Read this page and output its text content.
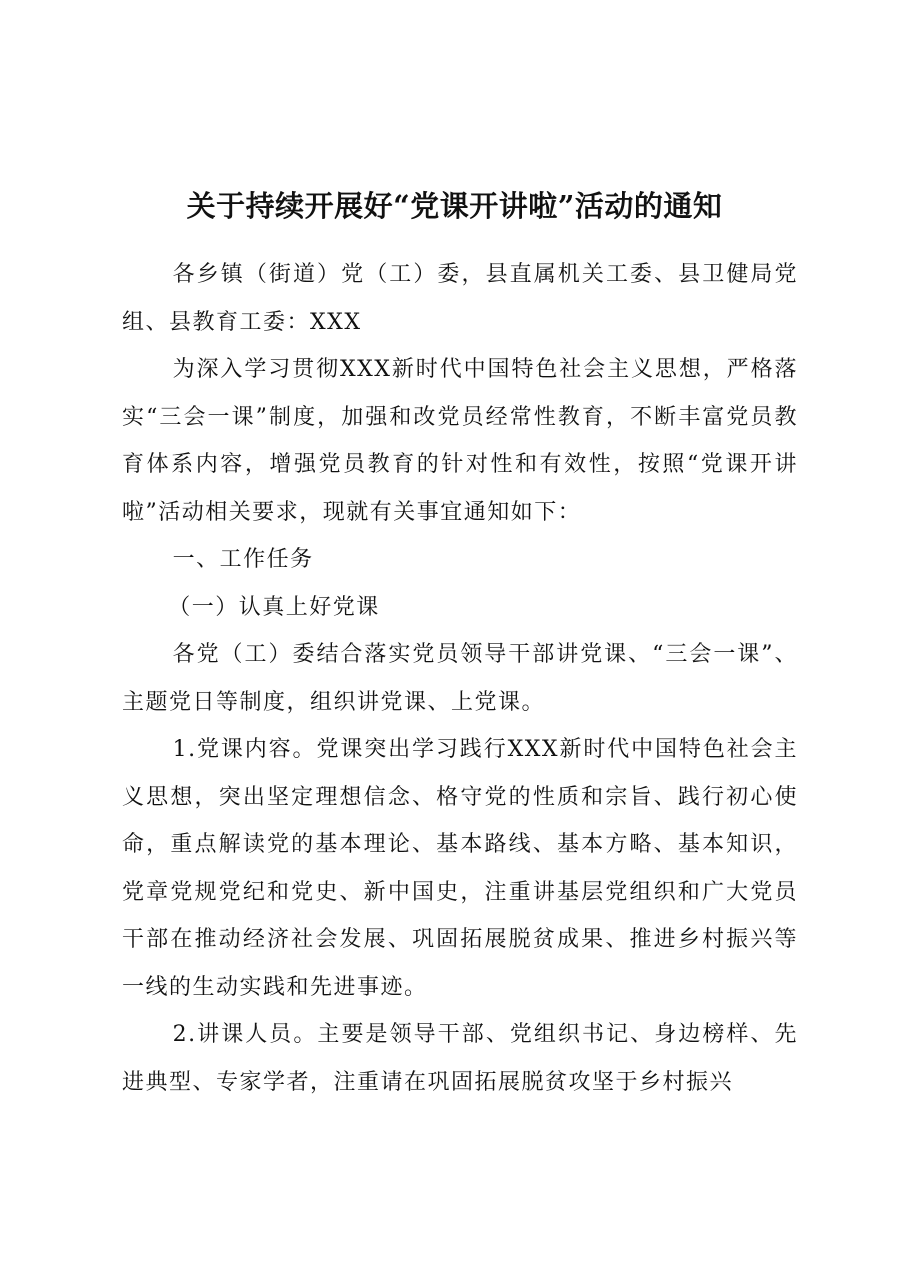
关于持续开展好“党课开讲啦”活动的通知

各乡镇（街道）党（工）委，县直属机关工委、县卫健局党组、县教育工委：XXX

为深入学习贯彻XXX新时代中国特色社会主义思想，严格落实“三会一课”制度，加强和改党员经常性教育，不断丰富党员教育体系内容，增强党员教育的针对性和有效性，按照“党课开讲啦”活动相关要求，现就有关事宜通知如下：

一、工作任务

（一）认真上好党课

各党（工）委结合落实党员领导干部讲党课、“三会一课”、主题党日等制度，组织讲党课、上党课。

1.党课内容。党课突出学习践行XXX新时代中国特色社会主义思想，突出坚定理想信念、格守党的性质和宗旨、践行初心使命，重点解读党的基本理论、基本路线、基本方略、基本知识，党章党规党纪和党史、新中国史，注重讲基层党组织和广大党员干部在推动经济社会发展、巩固拓展脱贫成果、推进乡村振兴等一线的生动实践和先进事迹。

2.讲课人员。主要是领导干部、党组织书记、身边榜样、先进典型、专家学者，注重请在巩固拓展脱贫攻坚于乡村振兴
